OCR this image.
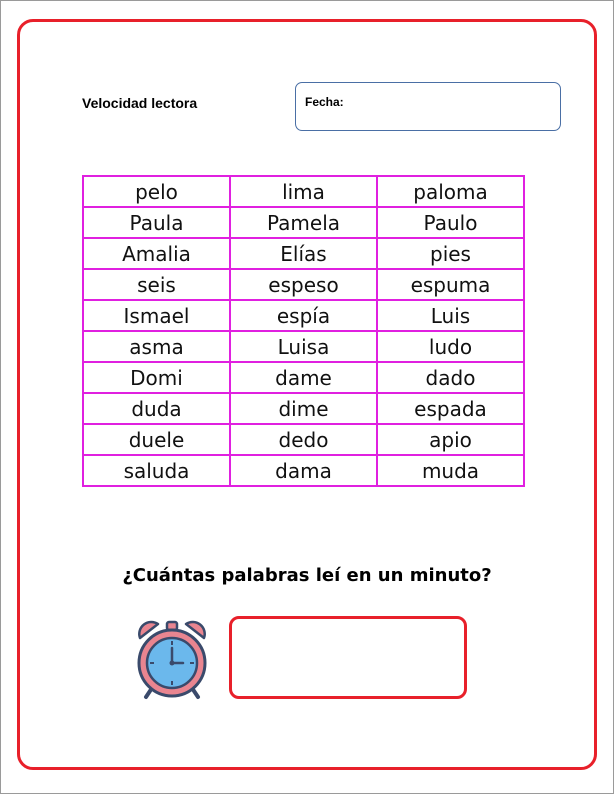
Velocidad lectora	Fecha:
pelo	lima	paloma
Paula	Pamela	Paulo
Amalia	Elías	pies
seis	espeso	espuma
Ismael	espía	Luis
asma	Luisa	ludo
Domi	dame	dado
duda	dime	espada
duele	dedo	apio
saluda	dama	muda
¿Cuántas palabras leí en un minuto?
